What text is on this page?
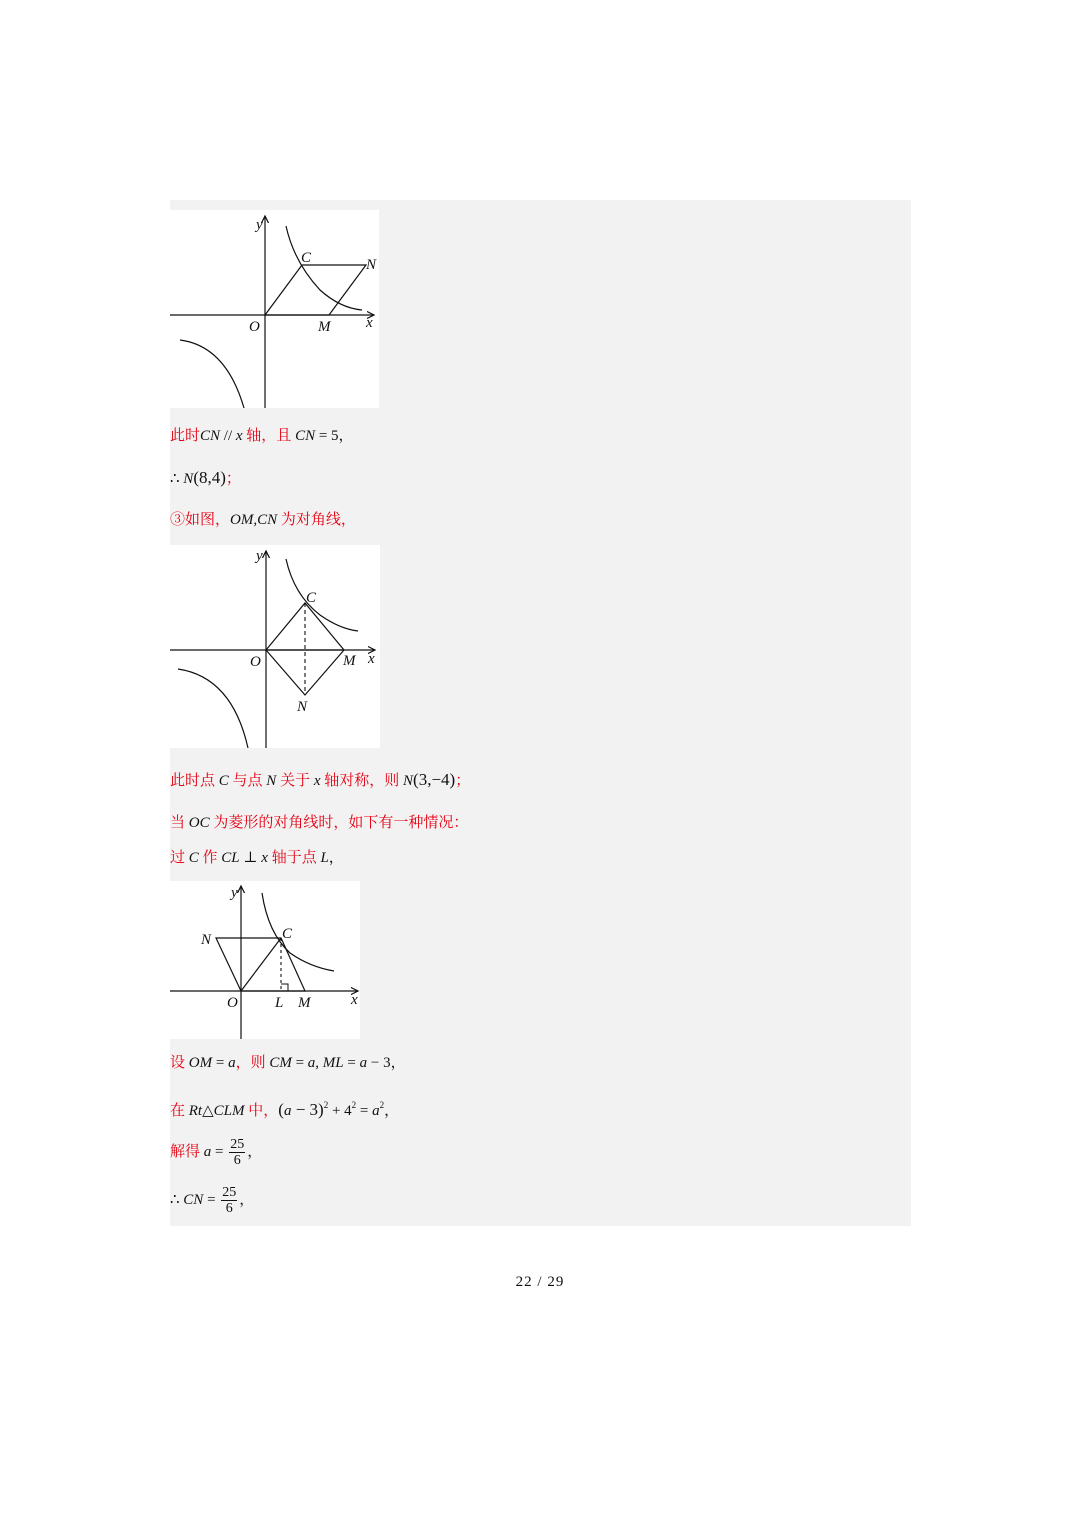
y
x
O
C	N
M
此时CN // x 轴，且 CN = 5，
∴ N(8,4)；
③如图，OM,CN 为对角线，
y
x
O
C
M
N
此时点 C 与点 N 关于 x 轴对称，则 N(3,−4)；
当 OC 为菱形的对角线时，如下有一种情况：
过 C 作 CL ⊥ x 轴于点 L，
y
x
O
N	C
L M
设 OM = a，则 CM = a, ML = a − 3，
在 Rt△CLM 中，$(a - 3)^2 + 4^2 = a^2$，
解得 $a = \frac{25}{6}$ ，
∴ CN = $\frac{25}{6}$ ，
22 / 29
